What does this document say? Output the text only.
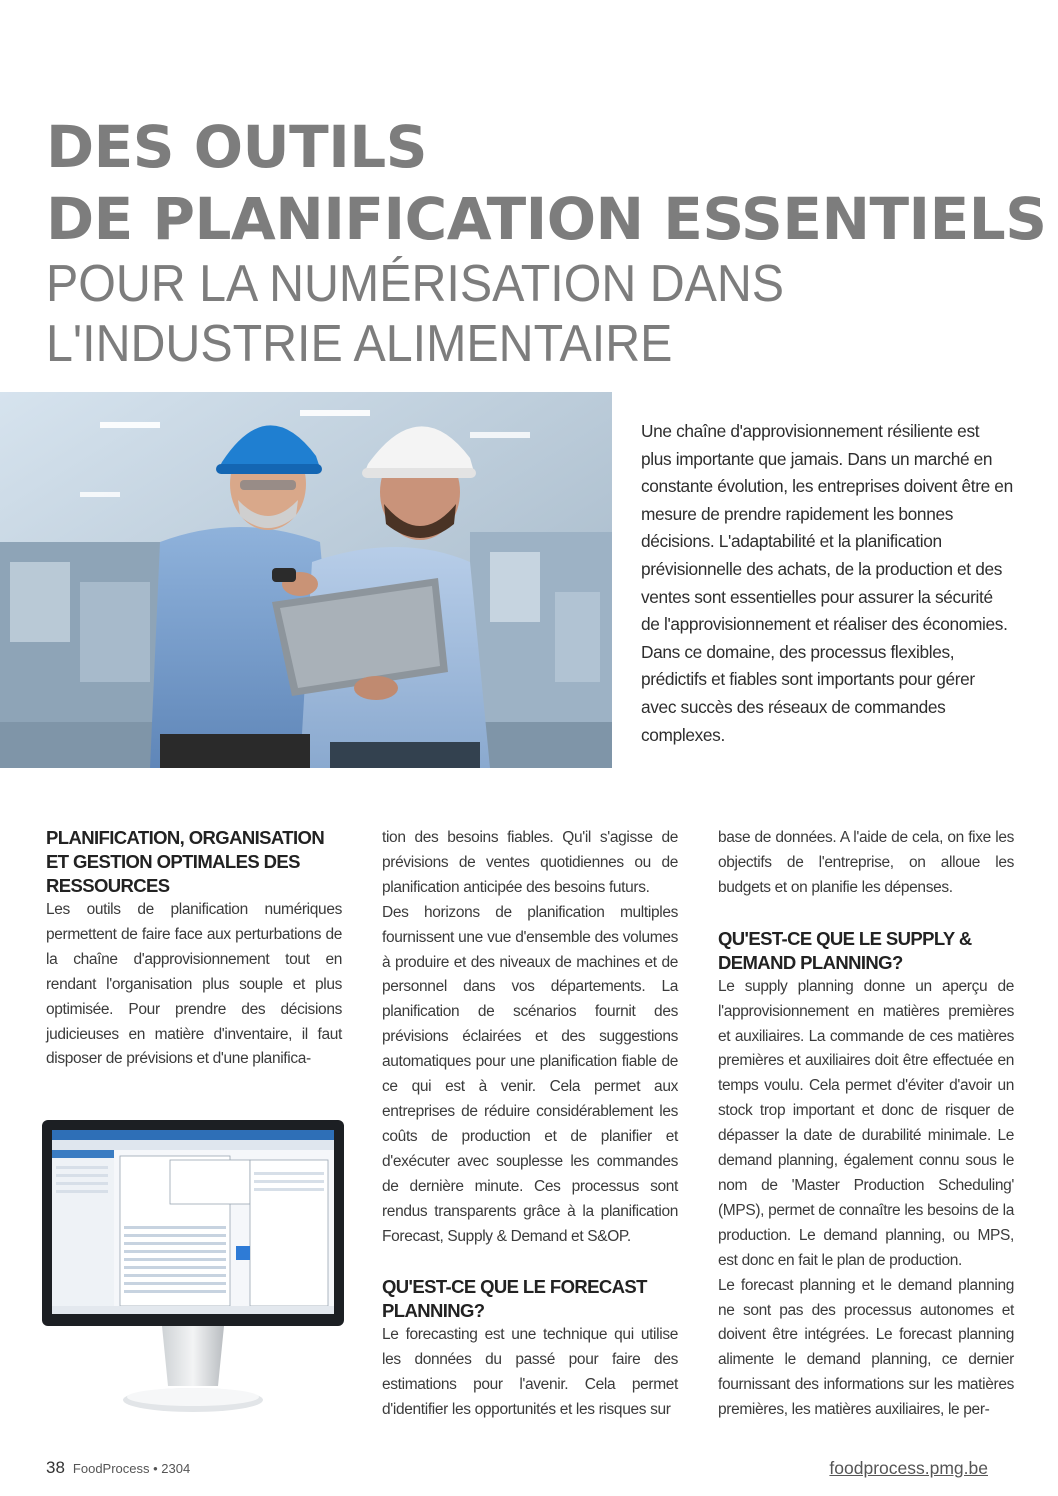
DES OUTILS
DE PLANIFICATION ESSENTIELS
POUR LA NUMÉRISATION DANS
L'INDUSTRIE ALIMENTAIRE

Une chaîne d'approvisionnement résiliente est plus importante que jamais. Dans un marché en constante évolution, les entreprises doivent être en mesure de prendre rapidement les bonnes décisions. L'adaptabilité et la planification prévisionnelle des achats, de la production et des ventes sont essentielles pour assurer la sécurité de l'approvisionnement et réaliser des économies. Dans ce domaine, des processus flexibles, prédictifs et fiables sont importants pour gérer avec succès des réseaux de commandes complexes.

PLANIFICATION, ORGANISATION ET GESTION OPTIMALES DES RESSOURCES

Les outils de planification numériques permettent de faire face aux perturbations de la chaîne d'approvisionnement tout en rendant l'organisation plus souple et plus optimisée. Pour prendre des décisions judicieuses en matière d'inventaire, il faut disposer de prévisions et d'une planifica-

tion des besoins fiables. Qu'il s'agisse de prévisions de ventes quotidiennes ou de planification anticipée des besoins futurs.

Des horizons de planification multiples fournissent une vue d'ensemble des volumes à produire et des niveaux de machines et de personnel dans vos départements. La planification de scénarios fournit des prévisions éclairées et des suggestions automatiques pour une planification fiable de ce qui est à venir. Cela permet aux entreprises de réduire considérablement les coûts de production et de planifier et d'exécuter avec souplesse les commandes de dernière minute. Ces processus sont rendus transparents grâce à la planification Forecast, Supply & Demand et S&OP.

QU'EST-CE QUE LE FORECAST PLANNING?

Le forecasting est une technique qui utilise les données du passé pour faire des estimations pour l'avenir. Cela permet d'identifier les opportunités et les risques sur

base de données. A l'aide de cela, on fixe les objectifs de l'entreprise, on alloue les budgets et on planifie les dépenses.

QU'EST-CE QUE LE SUPPLY & DEMAND PLANNING?

Le supply planning donne un aperçu de l'approvisionnement en matières premières et auxiliaires. La commande de ces matières premières et auxiliaires doit être effectuée en temps voulu. Cela permet d'éviter d'avoir un stock trop important et donc de risquer de dépasser la date de durabilité minimale. Le demand planning, également connu sous le nom de 'Master Production Scheduling' (MPS), permet de connaître les besoins de la production. Le demand planning, ou MPS, est donc en fait le plan de production.

Le forecast planning et le demand planning ne sont pas des processus autonomes et doivent être intégrées. Le forecast planning alimente le demand planning, ce dernier fournissant des informations sur les matières premières, les matières auxiliaires, le per-

38 FoodProcess • 2304	foodprocess.pmg.be
